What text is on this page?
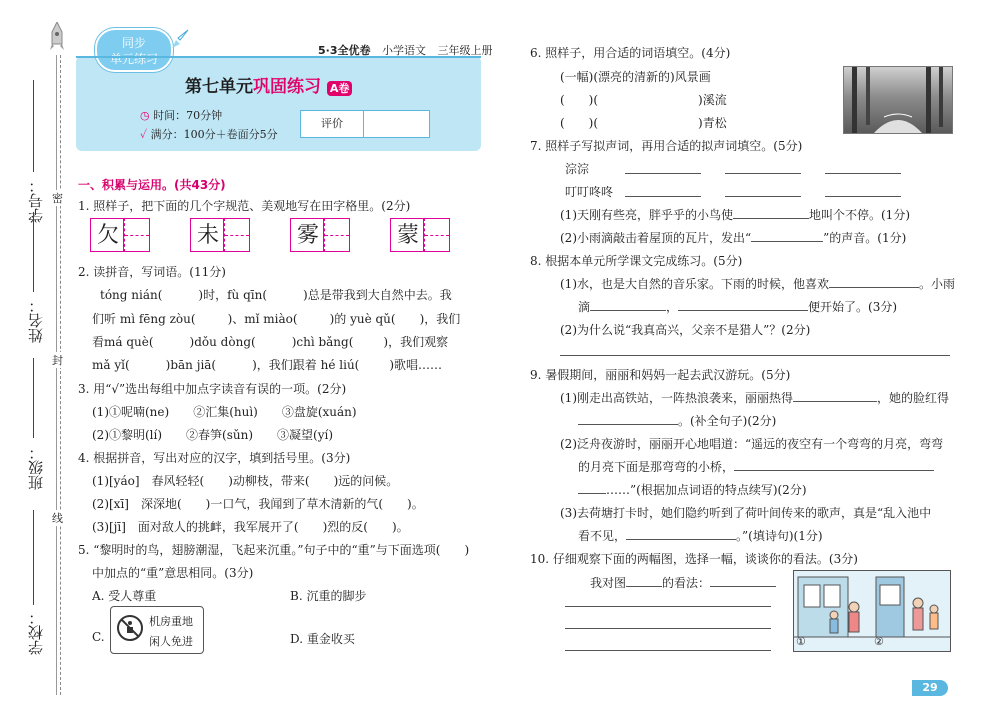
学号：
姓名：
班级：
学校：
密
封
线
同步
单元练习
5·3全优卷 小学语文 三年级上册
第七单元巩固练习 A卷
◷ 时间：70分钟
✓ 满分：100分＋卷面分5分
评价
一、积累与运用。(共43分)
1. 照样子，把下面的几个字规范、美观地写在田字格里。(2分)
欠	未	雾	蒙
2. 读拼音，写词语。(11分)
tóng nián(	)时，fù qīn(	)总是带我到大自然中去。我
们听 mì fēng zòu(	)、mǐ miào(	)的 yuè qǔ( )，我们
看má què(	)dǒu dòng(	)chì bǎng(	)，我们观察
mǎ yǐ(	)bān jiā(	)，我们跟着 hé liú(	)歌唱……
3. 用“√”选出每组中加点字读音有误的一项。(2分)
(1)①呢喃(ne)　　②汇集(huì)　　③盘旋(xuán)
(2)①黎明(lí)　　②春笋(sǔn)　　③凝望(yí)
4. 根据拼音，写出对应的汉字，填到括号里。(3分)
(1)[yáo]　春风轻轻(　　)动柳枝，带来(　　)远的问候。
(2)[xī]　深深地(　　)一口气，我闻到了草木清新的气(　　)。
(3)[jī]　面对敌人的挑衅，我军展开了(　　)烈的反(　　)。
5. “黎明时的鸟，翅膀潮湿，飞起来沉重。”句子中的“重”与下面选项(　　)
中加点的“重”意思相同。(3分)
A. 受人尊重	B. 沉重的脚步
C.
机房重地
闲人免进	D. 重金收买
6. 照样子，用合适的词语填空。(4分)
(一幅)(漂亮的清新的)风景画
(　　)(	)溪流
(　　)(	)青松
7. 照样子写拟声词，再用合适的拟声词填空。(5分)
淙淙
叮叮咚咚
(1)天刚有些亮，胖乎乎的小鸟使	地叫个不停。(1分)
(2)小雨滴敲击着屋顶的瓦片，发出“	”的声音。(1分)
8. 根据本单元所学课文完成练习。(5分)
(1)水，也是大自然的音乐家。下雨的时候，他喜欢	。小雨
滴	，	便开始了。(3分)
(2)为什么说“我真高兴，父亲不是猎人”？(2分)
9. 暑假期间，丽丽和妈妈一起去武汉游玩。(5分)
(1)刚走出高铁站，一阵热浪袭来，丽丽热得	，她的脸红得
。(补全句子)(2分)
(2)泛舟夜游时，丽丽开心地唱道：“遥远的夜空有一个弯弯的月亮，弯弯
的月亮下面是那弯弯的小桥，
……”(根据加点词语的特点续写)(2分)
(3)去荷塘打卡时，她们隐约听到了荷叶间传来的歌声，真是“乱入池中
看不见，	。”(填诗句)(1分)
10. 仔细观察下面的两幅图，选择一幅，谈谈你的看法。(3分)
我对图	的看法：
①	②
29
